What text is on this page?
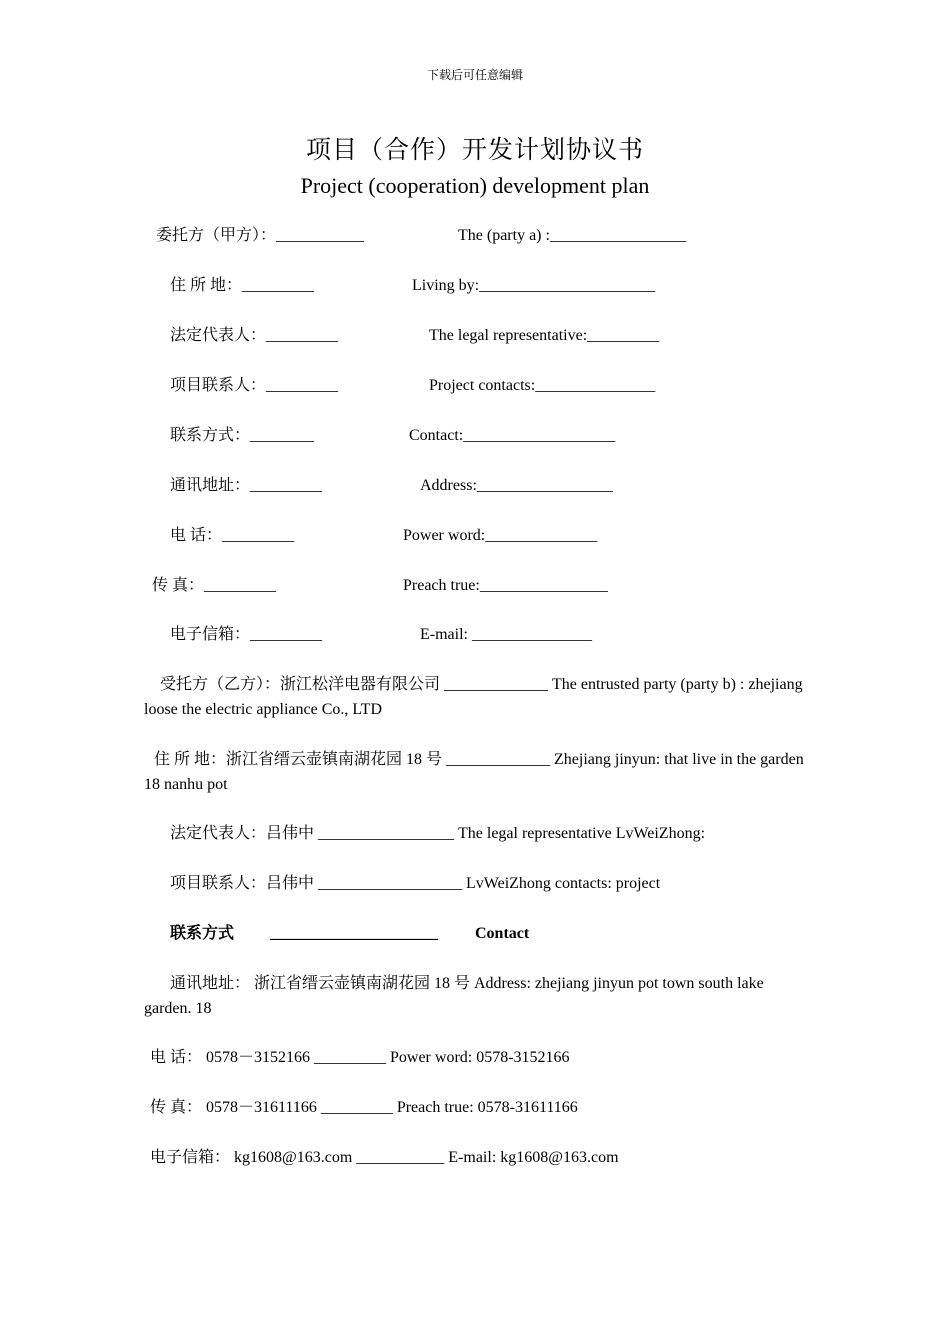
下载后可任意编辑
项目（合作）开发计划协议书
Project (cooperation) development plan
委托方（甲方）：___________	The (party a) :_________________
住 所 地：_________	Living by:______________________
法定代表人：_________	The legal representative:_________
项目联系人：_________	Project contacts:_______________
联系方式：________	Contact:___________________
通讯地址：_________	Address:_________________
电 话：_________	Power word:______________
传 真：_________	Preach true:________________
电子信箱：_________	E-mail: _______________
受托方（乙方）：浙江松洋电器有限公司 _____________ The entrusted party (party b) : zhejiang loose the electric appliance Co., LTD
住 所 地：浙江省缙云壶镇南湖花园 18 号 _____________ Zhejiang jinyun: that live in the garden 18 nanhu pot
法定代表人：吕伟中 _________________ The legal representative LvWeiZhong:
项目联系人：吕伟中 __________________ LvWeiZhong contacts: project
联系方式 _____________________ Contact
通讯地址： 浙江省缙云壶镇南湖花园 18 号 Address: zhejiang jinyun pot town south lake garden. 18
电 话： 0578－3152166 _________ Power word: 0578-3152166
传 真： 0578－31611166 _________ Preach true: 0578-31611166
电子信箱： kg1608@163.com ___________ E-mail: kg1608@163.com
